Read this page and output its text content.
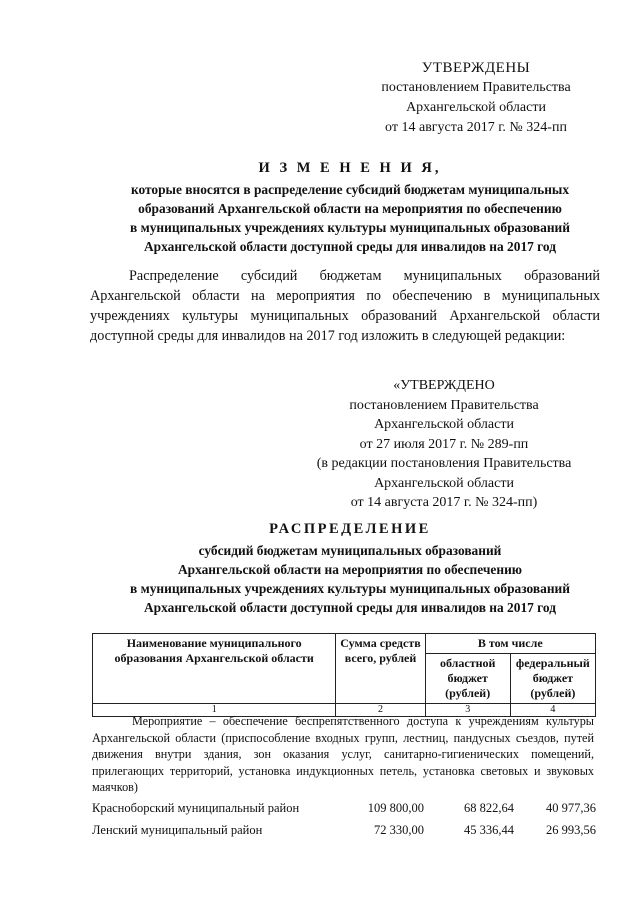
УТВЕРЖДЕНЫ
постановлением Правительства
Архангельской области
от 14 августа 2017 г. № 324-пп
И З М Е Н Е Н И Я,
которые вносятся в распределение субсидий бюджетам муниципальных
образований Архангельской области на мероприятия по обеспечению
в муниципальных учреждениях культуры муниципальных образований
Архангельской области доступной среды для инвалидов на 2017 год
Распределение субсидий бюджетам муниципальных образований Архангельской области на мероприятия по обеспечению в муниципальных учреждениях культуры муниципальных образований Архангельской области доступной среды для инвалидов на 2017 год изложить в следующей редакции:
«УТВЕРЖДЕНО
постановлением Правительства
Архангельской области
от 27 июля 2017 г. № 289-пп
(в редакции постановления Правительства
Архангельской области
от 14 августа 2017 г. № 324-пп)
РАСПРЕДЕЛЕНИЕ
субсидий бюджетам муниципальных образований
Архангельской области на мероприятия по обеспечению
в муниципальных учреждениях культуры муниципальных образований
Архангельской области доступной среды для инвалидов на 2017 год
Наименование муниципального образования Архангельской области	Сумма средств всего, рублей	В том числе	
		областной бюджет (рублей)	федеральный бюджет (рублей)
1	2	3	4
Мероприятие – обеспечение беспрепятственного доступа к учреждениям культуры Архангельской области (приспособление входных групп, лестниц, пандусных съездов, путей движения внутри здания, зон оказания услуг, санитарно-гигиенических помещений, прилегающих территорий, установка индукционных петель, установка световых и звуковых маячков)
Красноборский муниципальный район	109 800,00	68 822,64	40 977,36
Ленский муниципальный район	72 330,00	45 336,44	26 993,56
